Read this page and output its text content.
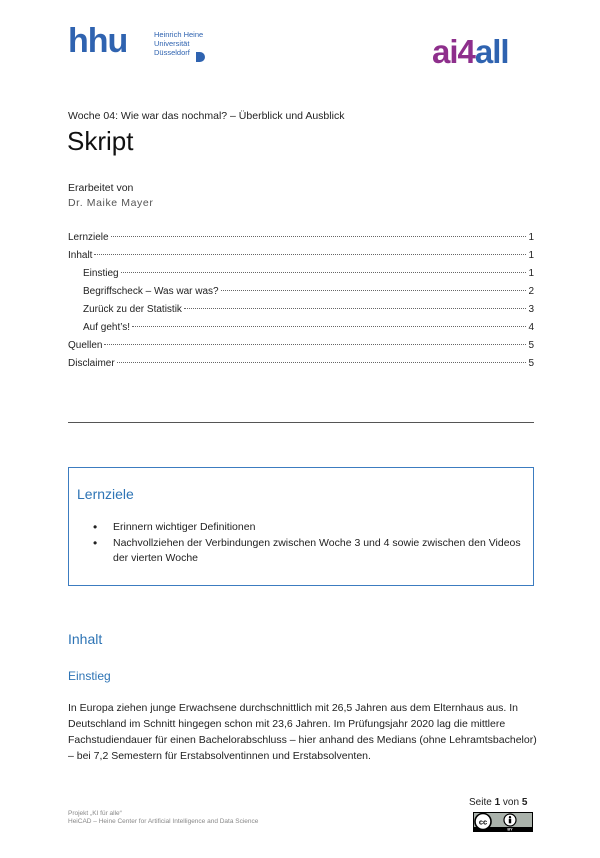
hhu	Heinrich Heine
Universität
Düsseldorf	ai4all
Woche 04: Wie war das nochmal? – Überblick und Ausblick
Skript
Erarbeitet von
Dr. Maike Mayer
Lernziele	1
Inhalt	1
Einstieg	1
Begriffscheck – Was war was?	2
Zurück zu der Statistik	3
Auf geht’s!	4
Quellen	5
Disclaimer	5
Lernziele
• Erinnern wichtiger Definitionen
• Nachvollziehen der Verbindungen zwischen Woche 3 und 4 sowie zwischen den Videos der vierten Woche
Inhalt
Einstieg
In Europa ziehen junge Erwachsene durchschnittlich mit 26,5 Jahren aus dem Elternhaus aus. In Deutschland im Schnitt hingegen schon mit 23,6 Jahren. Im Prüfungsjahr 2020 lag die mittlere Fachstudiendauer für einen Bachelorabschluss – hier anhand des Medians (ohne Lehramtsbachelor) – bei 7,2 Semestern für Erstabsolventinnen und Erstabsolventen.
Projekt „KI für alle“
HeiCAD – Heine Center for Artificial Intelligence and Data Science
Seite 1 von 5
cc
BY
